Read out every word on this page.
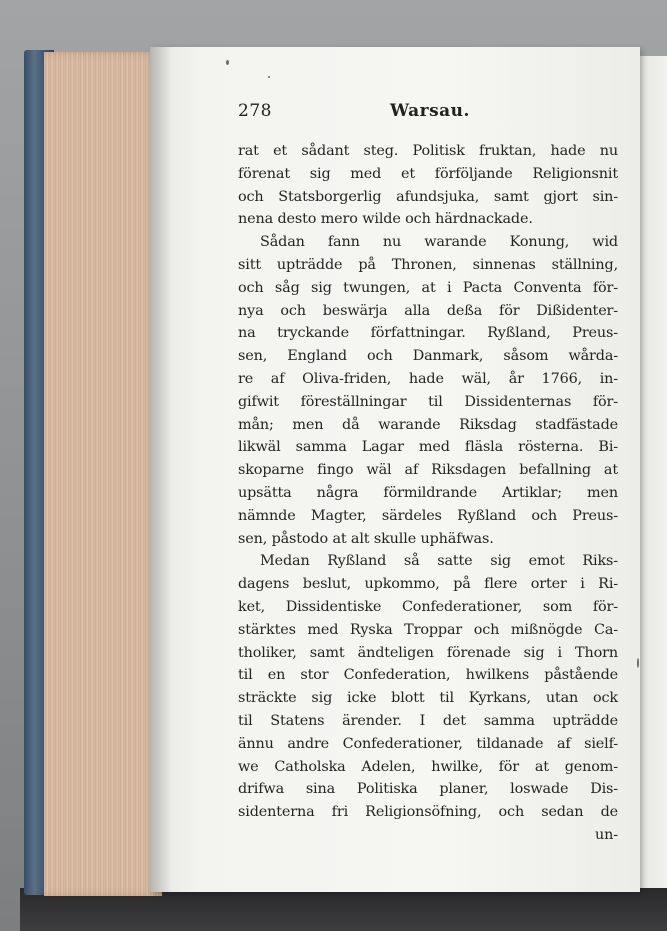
278	Warsau.
rat et sådant steg. Politisk fruktan, hade nu
förenat sig med et förföljande Religionsnit
och Statsborgerlig afundsjuka, samt gjort sin-
nena desto mero wilde och härdnackade.
Sådan fann nu warande Konung, wid
sitt upträdde på Thronen, sinnenas ställning,
och såg sig twungen, at i Pacta Conventa för-
nya och beswärja alla deßa för Dißidenter-
na tryckande författningar. Ryßland, Preus-
sen, England och Danmark, såsom wårda-
re af Oliva-friden, hade wäl, år 1766, in-
gifwit föreställningar til Dissidenternas för-
mån; men då warande Riksdag stadfästade
likwäl samma Lagar med fläsla rösterna. Bi-
skoparne fingo wäl af Riksdagen befallning at
upsätta några förmildrande Artiklar; men
nämnde Magter, särdeles Ryßland och Preus-
sen, påstodo at alt skulle uphäfwas.
Medan Ryßland så satte sig emot Riks-
dagens beslut, upkommo, på flere orter i Ri-
ket, Dissidentiske Confederationer, som för-
stärktes med Ryska Troppar och mißnögde Ca-
tholiker, samt ändteligen förenade sig i Thorn
til en stor Confederation, hwilkens påstående
sträckte sig icke blott til Kyrkans, utan ock
til Statens ärender. I det samma upträdde
ännu andre Confederationer, tildanade af sielf-
we Catholska Adelen, hwilke, för at genom-
drifwa sina Politiska planer, loswade Dis-
sidenterna fri Religionsöfning, och sedan de
un-
